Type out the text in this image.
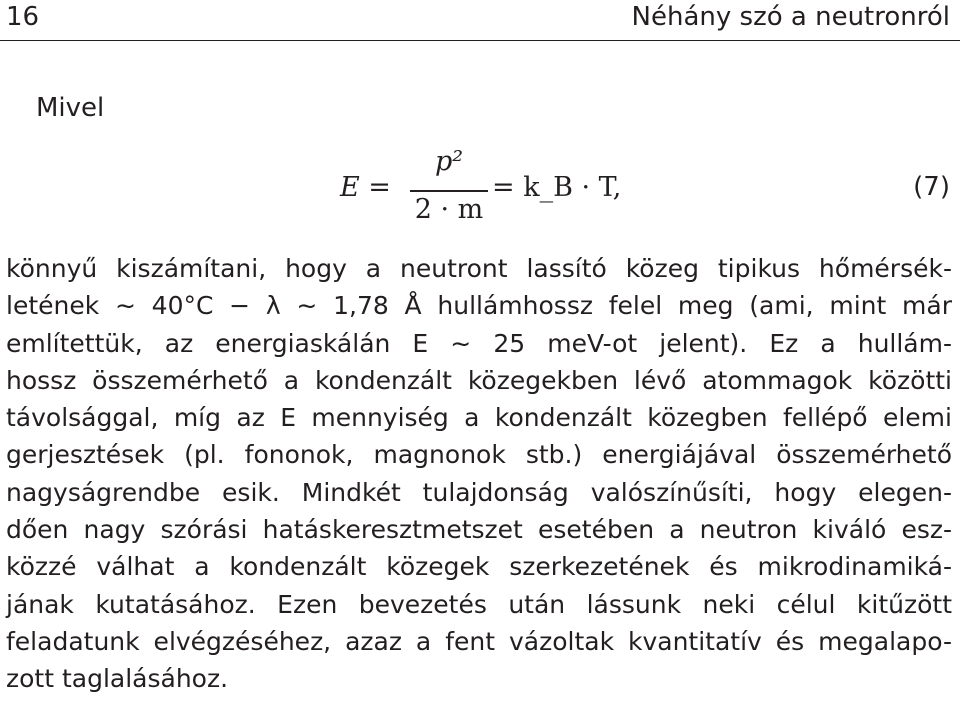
16	Néhány szó a neutronról
Mivel
E =
p²
2 · m
= k_B · T,	(7)
könnyű kiszámítani, hogy a neutront lassító közeg tipikus hőmérsék-
letének ∼ 40°C − λ ∼ 1,78 Å hullámhossz felel meg (ami, mint már
említettük, az energiaskálán E ∼ 25 meV-ot jelent). Ez a hullám-
hossz összemérhető a kondenzált közegekben lévő atommagok közötti
távolsággal, míg az E mennyiség a kondenzált közegben fellépő elemi
gerjesztések (pl. fononok, magnonok stb.) energiájával összemérhető
nagyságrendbe esik. Mindkét tulajdonság valószínűsíti, hogy elegen-
dően nagy szórási hatáskeresztmetszet esetében a neutron kiváló esz-
közzé válhat a kondenzált közegek szerkezetének és mikrodinamiká-
jának kutatásához. Ezen bevezetés után lássunk neki célul kitűzött
feladatunk elvégzéséhez, azaz a fent vázoltak kvantitatív és megalapo-
zott taglalásához.
